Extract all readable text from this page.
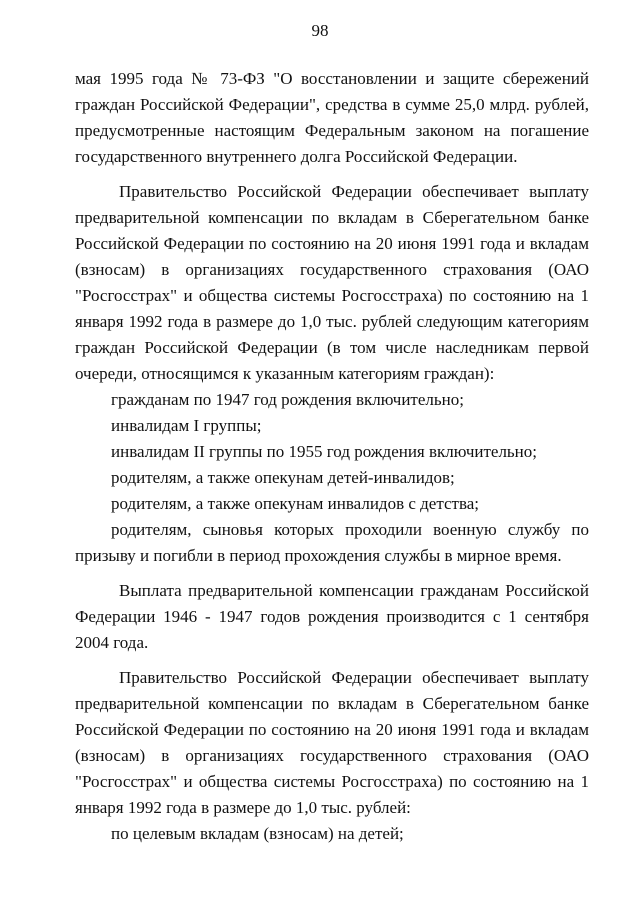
98

мая 1995 года № 73-ФЗ "О восстановлении и защите сбережений граждан Российской Федерации", средства в сумме 25,0 млрд. рублей, предусмотренные настоящим Федеральным законом на погашение государственного внутреннего долга Российской Федерации.

Правительство Российской Федерации обеспечивает выплату предварительной компенсации по вкладам в Сберегательном банке Российской Федерации по состоянию на 20 июня 1991 года и вкладам (взносам) в организациях государственного страхования (ОАО "Росгосстрах" и общества системы Росгосстраха) по состоянию на 1 января 1992 года в размере до 1,0 тыс. рублей следующим категориям граждан Российской Федерации (в том числе наследникам первой очереди, относящимся к указанным категориям граждан):

гражданам по 1947 год рождения включительно;
инвалидам I группы;
инвалидам II группы по 1955 год рождения включительно;
родителям, а также опекунам детей-инвалидов;
родителям, а также опекунам инвалидов с детства;
родителям, сыновья которых проходили военную службу по призыву и погибли в период прохождения службы в мирное время.

Выплата предварительной компенсации гражданам Российской Федерации 1946 - 1947 годов рождения производится с 1 сентября 2004 года.

Правительство Российской Федерации обеспечивает выплату предварительной компенсации по вкладам в Сберегательном банке Российской Федерации по состоянию на 20 июня 1991 года и вкладам (взносам) в организациях государственного страхования (ОАО "Росгосстрах" и общества системы Росгосстраха) по состоянию на 1 января 1992 года в размере до 1,0 тыс. рублей:

по целевым вкладам (взносам) на детей;
